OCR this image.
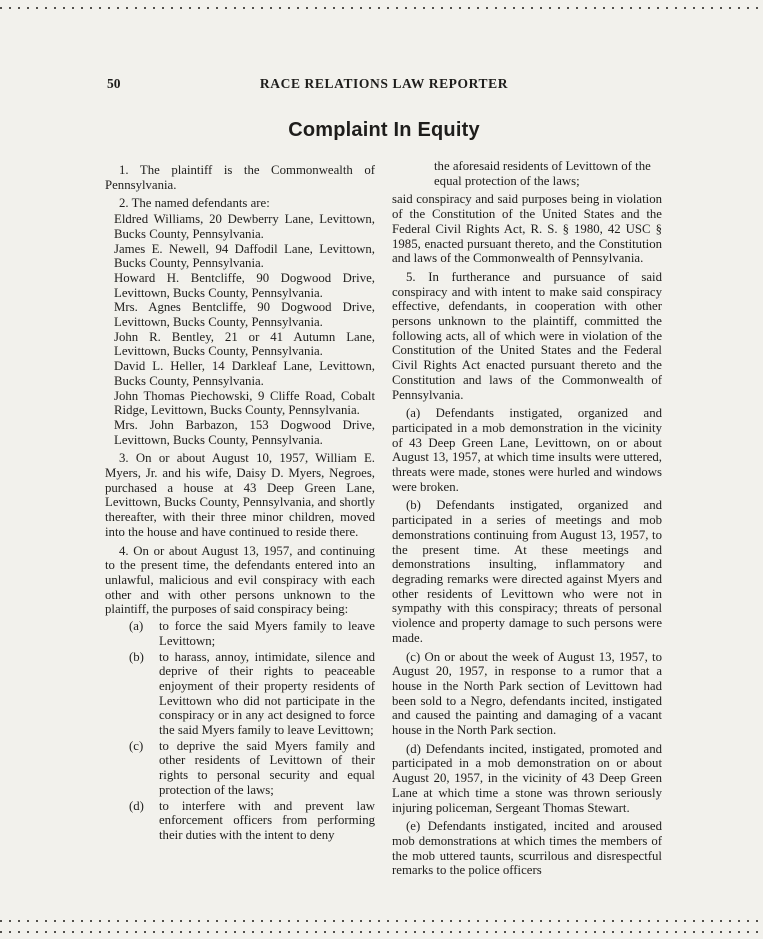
50	RACE RELATIONS LAW REPORTER
Complaint In Equity

1. The plaintiff is the Commonwealth of Pennsylvania.

2. The named defendants are:

Eldred Williams, 20 Dewberry Lane, Levittown, Bucks County, Pennsylvania.
James E. Newell, 94 Daffodil Lane, Levittown, Bucks County, Pennsylvania.
Howard H. Bentcliffe, 90 Dogwood Drive, Levittown, Bucks County, Pennsylvania.
Mrs. Agnes Bentcliffe, 90 Dogwood Drive, Levittown, Bucks County, Pennsylvania.
John R. Bentley, 21 or 41 Autumn Lane, Levittown, Bucks County, Pennsylvania.
David L. Heller, 14 Darkleaf Lane, Levittown, Bucks County, Pennsylvania.
John Thomas Piechowski, 9 Cliffe Road, Cobalt Ridge, Levittown, Bucks County, Pennsylvania.
Mrs. John Barbazon, 153 Dogwood Drive, Levittown, Bucks County, Pennsylvania.

3. On or about August 10, 1957, William E. Myers, Jr. and his wife, Daisy D. Myers, Negroes, purchased a house at 43 Deep Green Lane, Levittown, Bucks County, Pennsylvania, and shortly thereafter, with their three minor children, moved into the house and have continued to reside there.

4. On or about August 13, 1957, and continuing to the present time, the defendants entered into an unlawful, malicious and evil conspiracy with each other and with other persons unknown to the plaintiff, the purposes of said conspiracy being:

(a)	to force the said Myers family to leave Levittown;
(b)	to harass, annoy, intimidate, silence and deprive of their rights to peaceable enjoyment of their property residents of Levittown who did not participate in the conspiracy or in any act designed to force the said Myers family to leave Levittown;
(c)	to deprive the said Myers family and other residents of Levittown of their rights to personal security and equal protection of the laws;
(d)	to interfere with and prevent law enforcement officers from performing their duties with the intent to deny
the aforesaid residents of Levittown of the equal protection of the laws;

said conspiracy and said purposes being in violation of the Constitution of the United States and the Federal Civil Rights Act, R. S. § 1980, 42 USC § 1985, enacted pursuant thereto, and the Constitution and laws of the Commonwealth of Pennsylvania.

5. In furtherance and pursuance of said conspiracy and with intent to make said conspiracy effective, defendants, in cooperation with other persons unknown to the plaintiff, committed the following acts, all of which were in violation of the Constitution of the United States and the Federal Civil Rights Act enacted pursuant thereto and the Constitution and laws of the Commonwealth of Pennsylvania.

(a) Defendants instigated, organized and participated in a mob demonstration in the vicinity of 43 Deep Green Lane, Levittown, on or about August 13, 1957, at which time insults were uttered, threats were made, stones were hurled and windows were broken.

(b) Defendants instigated, organized and participated in a series of meetings and mob demonstrations continuing from August 13, 1957, to the present time. At these meetings and demonstrations insulting, inflammatory and degrading remarks were directed against Myers and other residents of Levittown who were not in sympathy with this conspiracy; threats of personal violence and property damage to such persons were made.

(c) On or about the week of August 13, 1957, to August 20, 1957, in response to a rumor that a house in the North Park section of Levittown had been sold to a Negro, defendants incited, instigated and caused the painting and damaging of a vacant house in the North Park section.

(d) Defendants incited, instigated, promoted and participated in a mob demonstration on or about August 20, 1957, in the vicinity of 43 Deep Green Lane at which time a stone was thrown seriously injuring policeman, Sergeant Thomas Stewart.

(e) Defendants instigated, incited and aroused mob demonstrations at which times the members of the mob uttered taunts, scurrilous and disrespectful remarks to the police officers
